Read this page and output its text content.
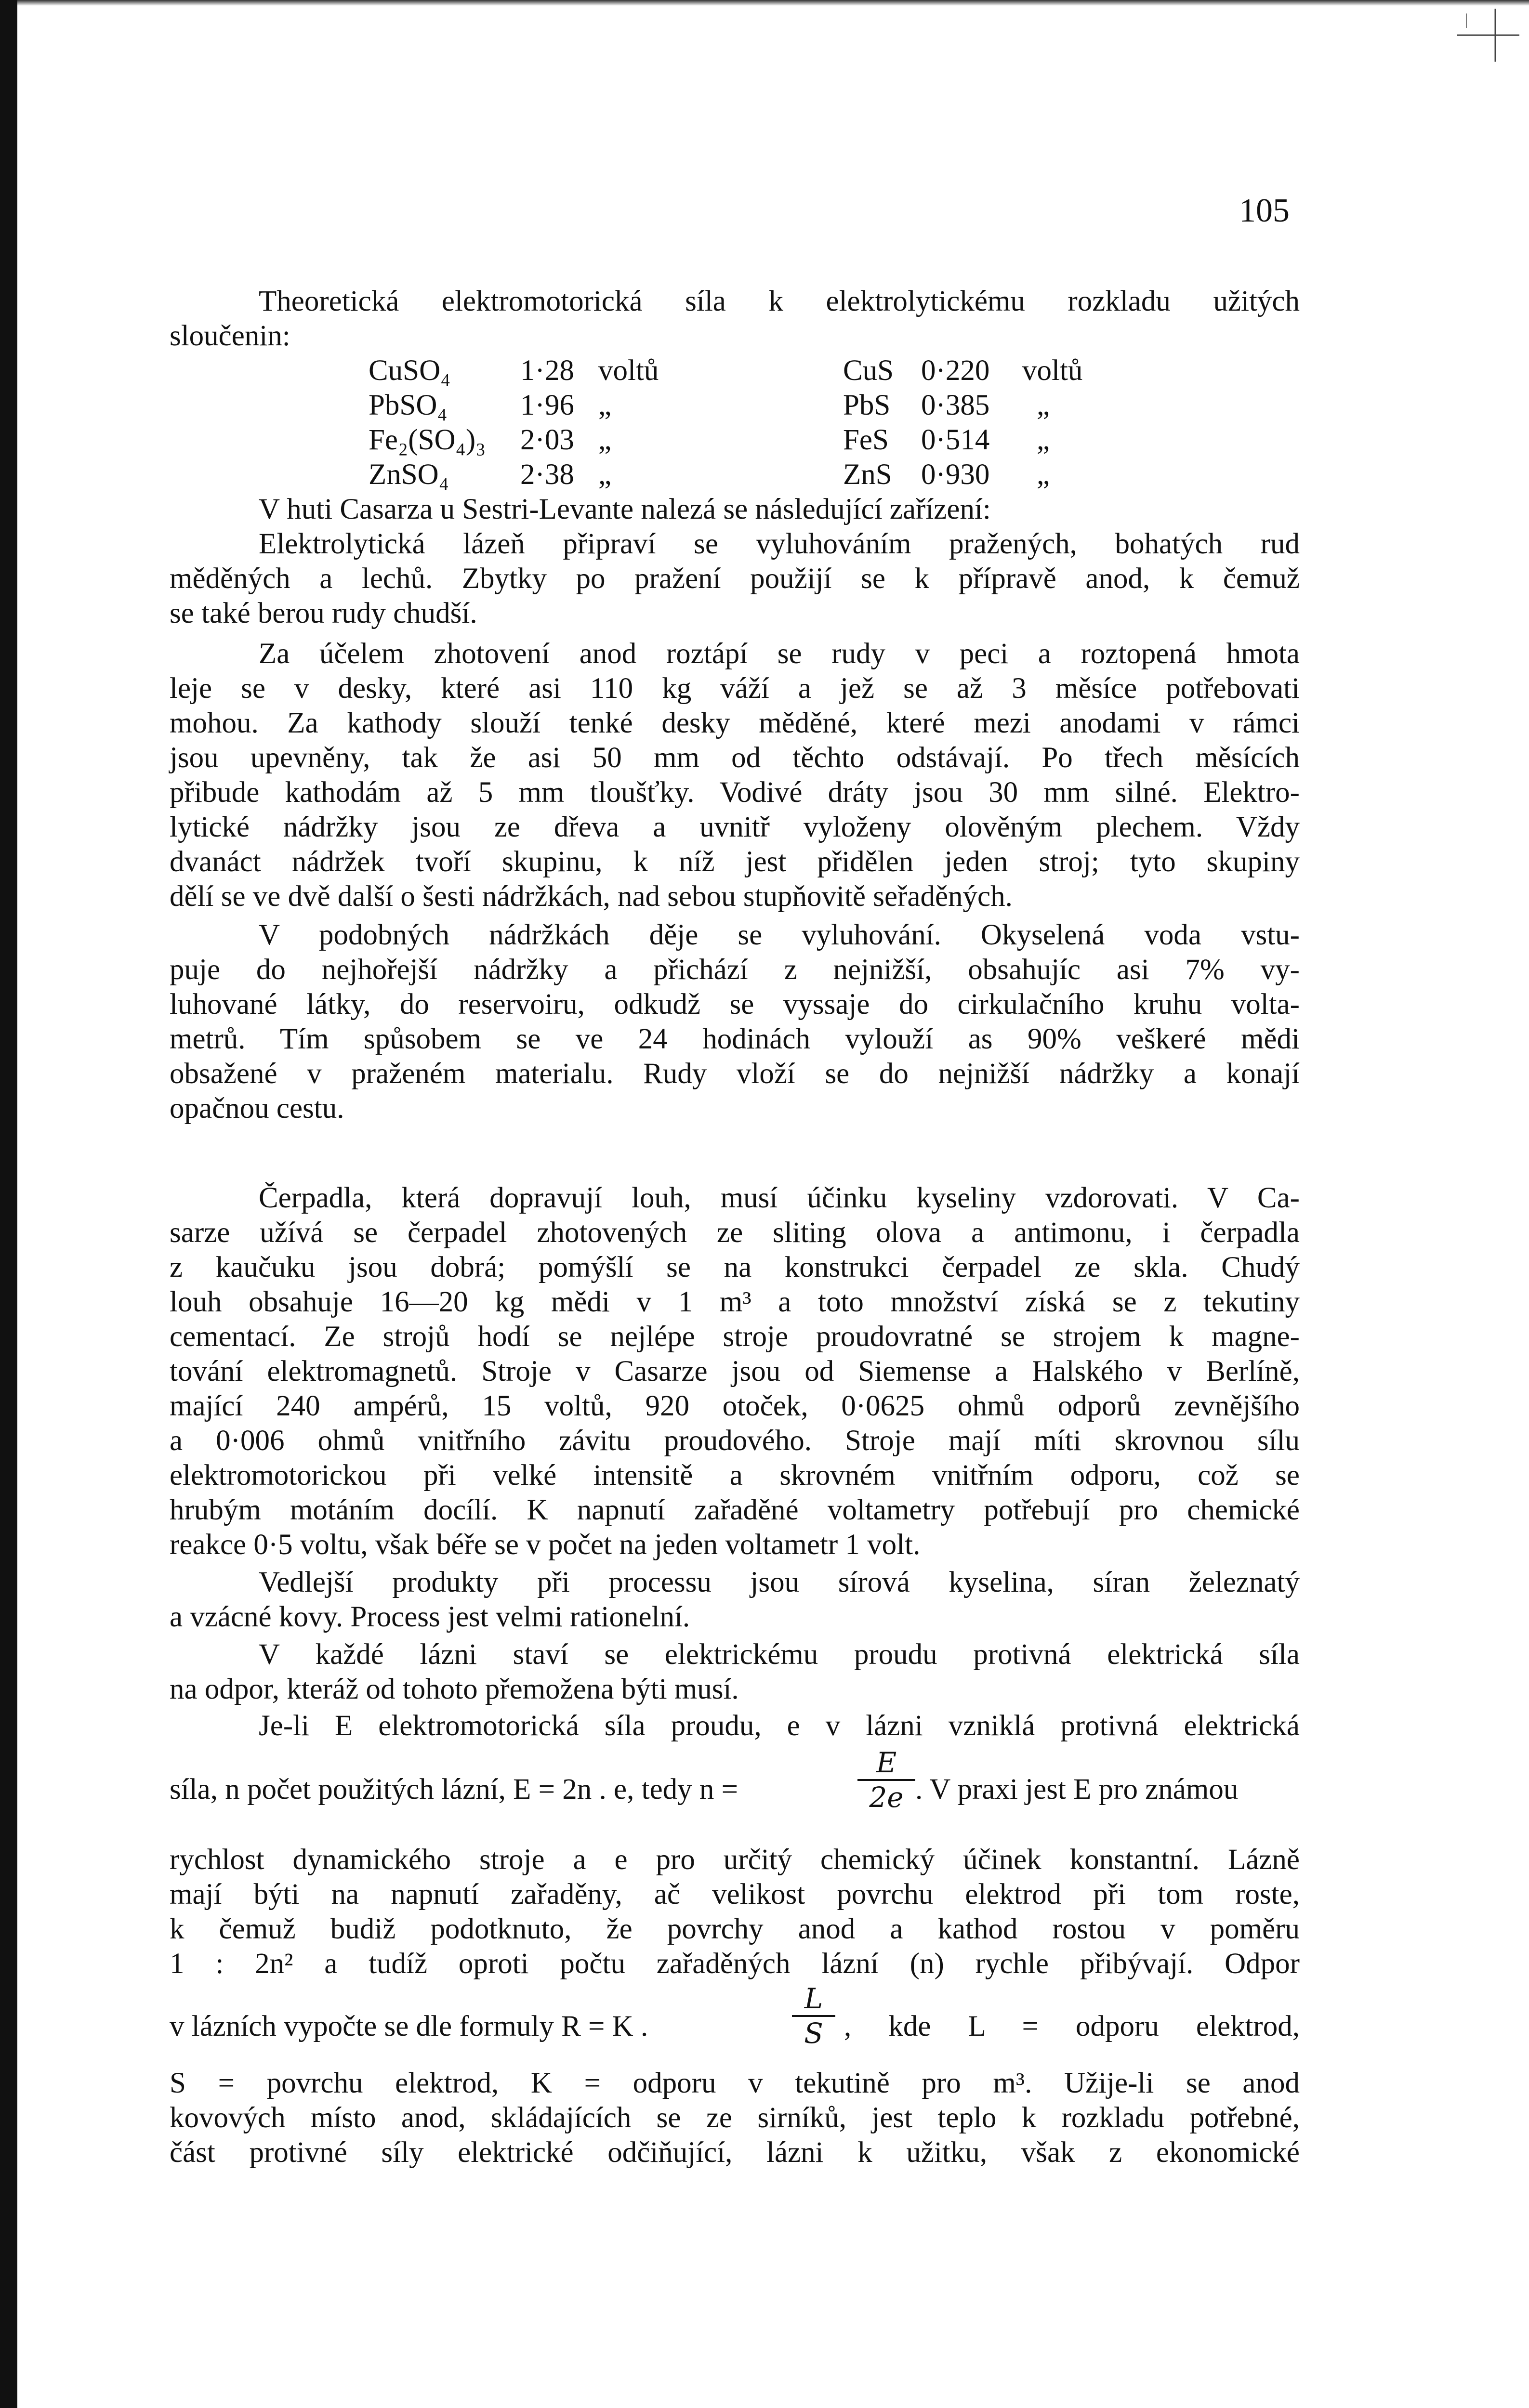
105
Theoretická elektromotorická síla k elektrolytickému rozkladu užitých
sloučenin:
CuSO₄ 1·28 voltů
PbSO₄ 1·96 „
Fe₂(SO₄)₃ 2·03 „
ZnSO₄ 2·38 „
CuS 0·220 voltů
PbS 0·385 „
FeS 0·514 „
ZnS 0·930 „
V huti Casarza u Sestri-Levante nalezá se následující zařízení:
Elektrolytická lázeň připraví se vyluhováním pražených, bohatých rud
měděných a lechů. Zbytky po pražení použijí se k přípravě anod, k čemuž
se také berou rudy chudší.
Za účelem zhotovení anod roztápí se rudy v peci a roztopená hmota
leje se v desky, které asi 110 kg váží a jež se až 3 měsíce potřebovati
mohou. Za kathody slouží tenké desky měděné, které mezi anodami v rámci
jsou upevněny, tak že asi 50 mm od těchto odstávají. Po třech měsících
přibude kathodám až 5 mm tloušťky. Vodivé dráty jsou 30 mm silné. Elektro-
lytické nádržky jsou ze dřeva a uvnitř vyloženy olověným plechem. Vždy
dvanáct nádržek tvoří skupinu, k níž jest přidělen jeden stroj; tyto skupiny
dělí se ve dvě další o šesti nádržkách, nad sebou stupňovitě seřaděných.
V podobných nádržkách děje se vyluhování. Okyselená voda vstu-
puje do nejhořejší nádržky a přichází z nejnižší, obsahujíc asi 7% vy-
luhované látky, do reservoiru, odkudž se vyssaje do cirkulačního kruhu volta-
metrů. Tím spůsobem se ve 24 hodinách vylouží as 90% veškeré mědi
obsažené v praženém materialu. Rudy vloží se do nejnižší nádržky a konají
opačnou cestu.
Čerpadla, která dopravují louh, musí účinku kyseliny vzdorovati. V Ca-
sarze užívá se čerpadel zhotovených ze sliting olova a antimonu, i čerpadla
z kaučuku jsou dobrá; pomýšlí se na konstrukci čerpadel ze skla. Chudý
louh obsahuje 16—20 kg mědi v 1 m³ a toto množství získá se z tekutiny
cementací. Ze strojů hodí se nejlépe stroje proudovratné se strojem k magne-
tování elektromagnetů. Stroje v Casarze jsou od Siemense a Halského v Berlíně,
mající 240 ampérů, 15 voltů, 920 otoček, 0·0625 ohmů odporů zevnějšího
a 0·006 ohmů vnitřního závitu proudového. Stroje mají míti skrovnou sílu
elektromotorickou při velké intensitě a skrovném vnitřním odporu, což se
hrubým motáním docílí. K napnutí zařaděné voltametry potřebují pro chemické
reakce 0·5 voltu, však béře se v počet na jeden voltametr 1 volt.
Vedlejší produkty při processu jsou sírová kyselina, síran železnatý
a vzácné kovy. Process jest velmi rationelní.
V každé lázni staví se elektrickému proudu protivná elektrická síla
na odpor, kteráž od tohoto přemožena býti musí.
Je-li E elektromotorická síla proudu, e v lázni vzniklá protivná elektrická
síla, n počet použitých lázní, E = 2n . e, tedy n =
E
2e . V praxi jest E pro známou
rychlost dynamického stroje a e pro určitý chemický účinek konstantní. Lázně
mají býti na napnutí zařaděny, ač velikost povrchu elektrod při tom roste,
k čemuž budiž podotknuto, že povrchy anod a kathod rostou v poměru
1 : 2n² a tudíž oproti počtu zařaděných lázní (n) rychle přibývají. Odpor
v lázních vypočte se dle formuly R = K .
L
S , kde L = odporu elektrod,
S = povrchu elektrod, K = odporu v tekutině pro m³. Užije-li se anod
kovových místo anod, skládajících se ze sirníků, jest teplo k rozkladu potřebné,
část protivné síly elektrické odčiňující, lázni k užitku, však z ekonomické
